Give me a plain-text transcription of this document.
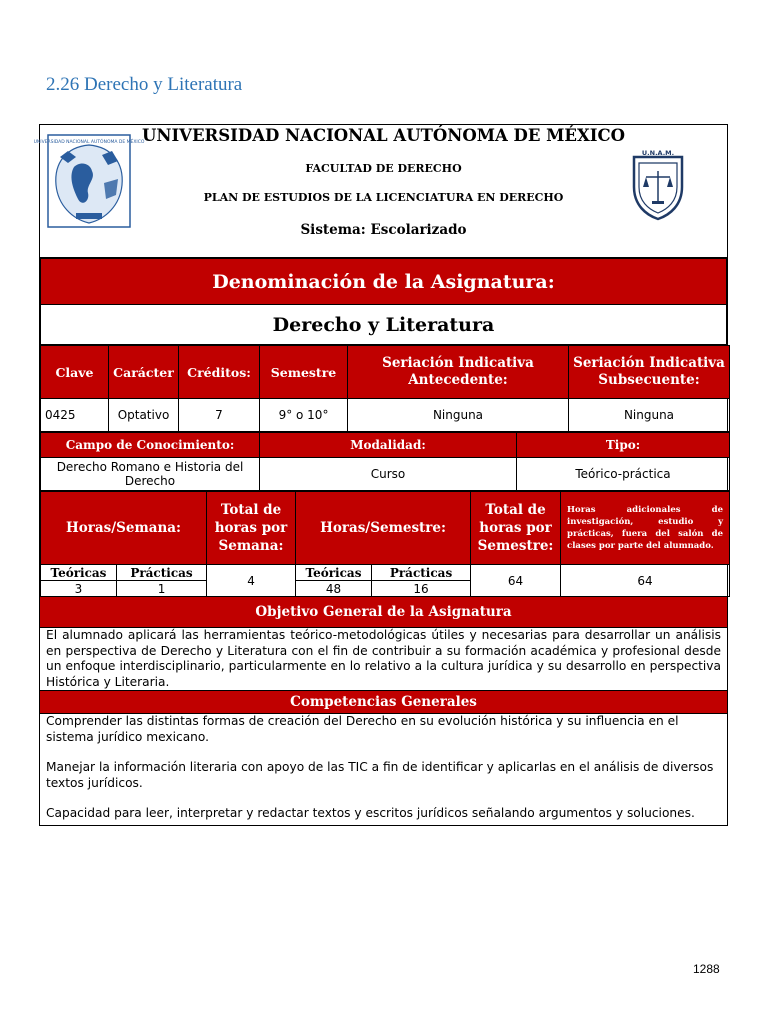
2.26 Derecho y Literatura
UNIVERSIDAD NACIONAL AUTÓNOMA DE MÉXICO
UNIVERSIDAD NACIONAL AUTÓNOMA DE MÉXICO
FACULTAD DE DERECHO
PLAN DE ESTUDIOS DE LA LICENCIATURA EN DERECHO
Sistema: Escolarizado
U.N.A.M.
Denominación de la Asignatura:
Derecho y Literatura
Clave	Carácter	Créditos:	Semestre	Seriación Indicativa Antecedente:	Seriación Indicativa Subsecuente:
0425	Optativo	7	9° o 10°	Ninguna	Ninguna
Campo de Conocimiento:	Modalidad:	Tipo:
Derecho Romano e Historia del Derecho	Curso	Teórico-práctica
Horas/Semana:		Total de horas por Semana:	Horas/Semestre:		Total de horas por Semestre:	Horas adicionales de investigación, estudio y prácticas, fuera del salón de clases por parte del alumnado.
Teóricas	Prácticas	4	Teóricas	Prácticas	64	64
3	1		48	16		
Objetivo General de la Asignatura
El alumnado aplicará las herramientas teórico-metodológicas útiles y necesarias para desarrollar un análisis en perspectiva de Derecho y Literatura con el fin de contribuir a su formación académica y profesional desde un enfoque interdisciplinario, particularmente en lo relativo a la cultura jurídica y su desarrollo en perspectiva Histórica y Literaria.
Competencias Generales

Comprender las distintas formas de creación del Derecho en su evolución histórica y su influencia en el sistema jurídico mexicano.

Manejar la información literaria con apoyo de las TIC a fin de identificar y aplicarlas en el análisis de diversos textos jurídicos.

Capacidad para leer, interpretar y redactar textos y escritos jurídicos señalando argumentos y soluciones.

1288
